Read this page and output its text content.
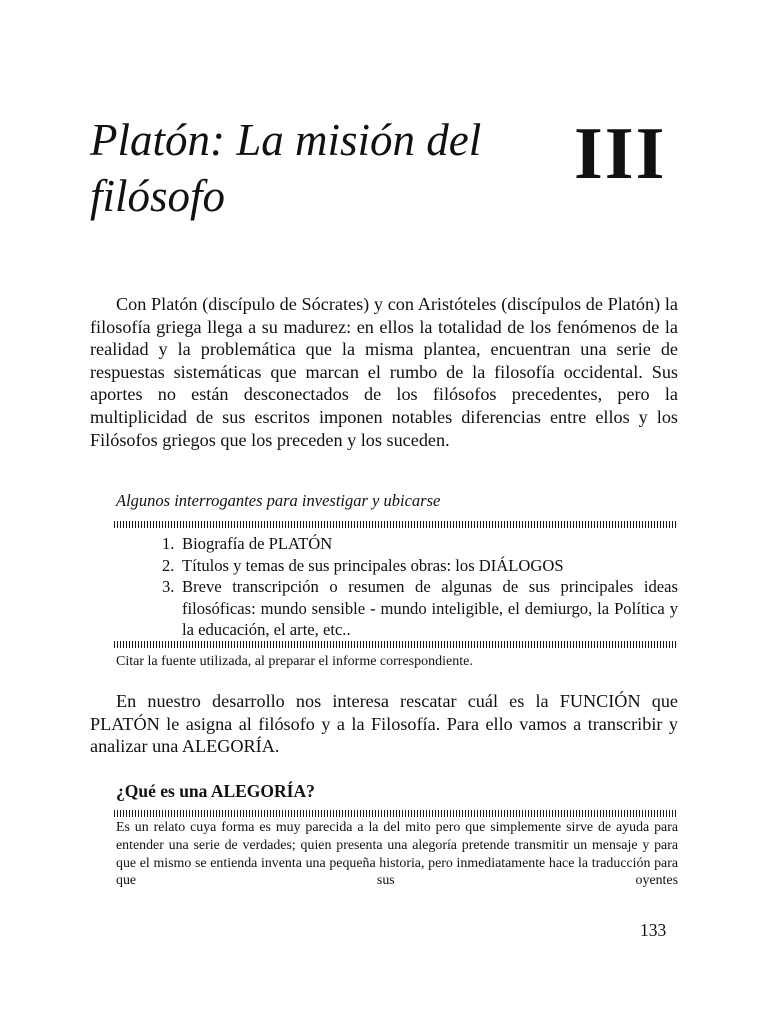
Platón: La misión del filósofo
III

Con Platón (discípulo de Sócrates) y con Aristóteles (discípulos de Platón) la filosofía griega llega a su madurez: en ellos la totalidad de los fenómenos de la realidad y la problemática que la misma plantea, encuentran una serie de respuestas sistemáticas que marcan el rumbo de la filosofía occidental. Sus aportes no están desconectados de los filósofos precedentes, pero la multiplicidad de sus escritos imponen notables diferencias entre ellos y los Filósofos griegos que los preceden y los suceden.

Algunos interrogantes para investigar y ubicarse
1. Biografía de PLATÓN
2. Títulos y temas de sus principales obras: los DIÁLOGOS
3. Breve transcripción o resumen de algunas de sus principales ideas filosóficas: mundo sensible - mundo inteligible, el demiurgo, la Política y la educación, el arte, etc..
Citar la fuente utilizada, al preparar el informe correspondiente.

En nuestro desarrollo nos interesa rescatar cuál es la FUNCIÓN que PLATÓN le asigna al filósofo y a la Filosofía. Para ello vamos a transcribir y analizar una ALEGORÍA.

¿Qué es una ALEGORÍA?

Es un relato cuya forma es muy parecida a la del mito pero que simplemente sirve de ayuda para entender una serie de verdades; quien presenta una alegoría pretende transmitir un mensaje y para que el mismo se entienda inventa una pequeña historia, pero inmediatamente hace la traducción para que sus oyentes

133
